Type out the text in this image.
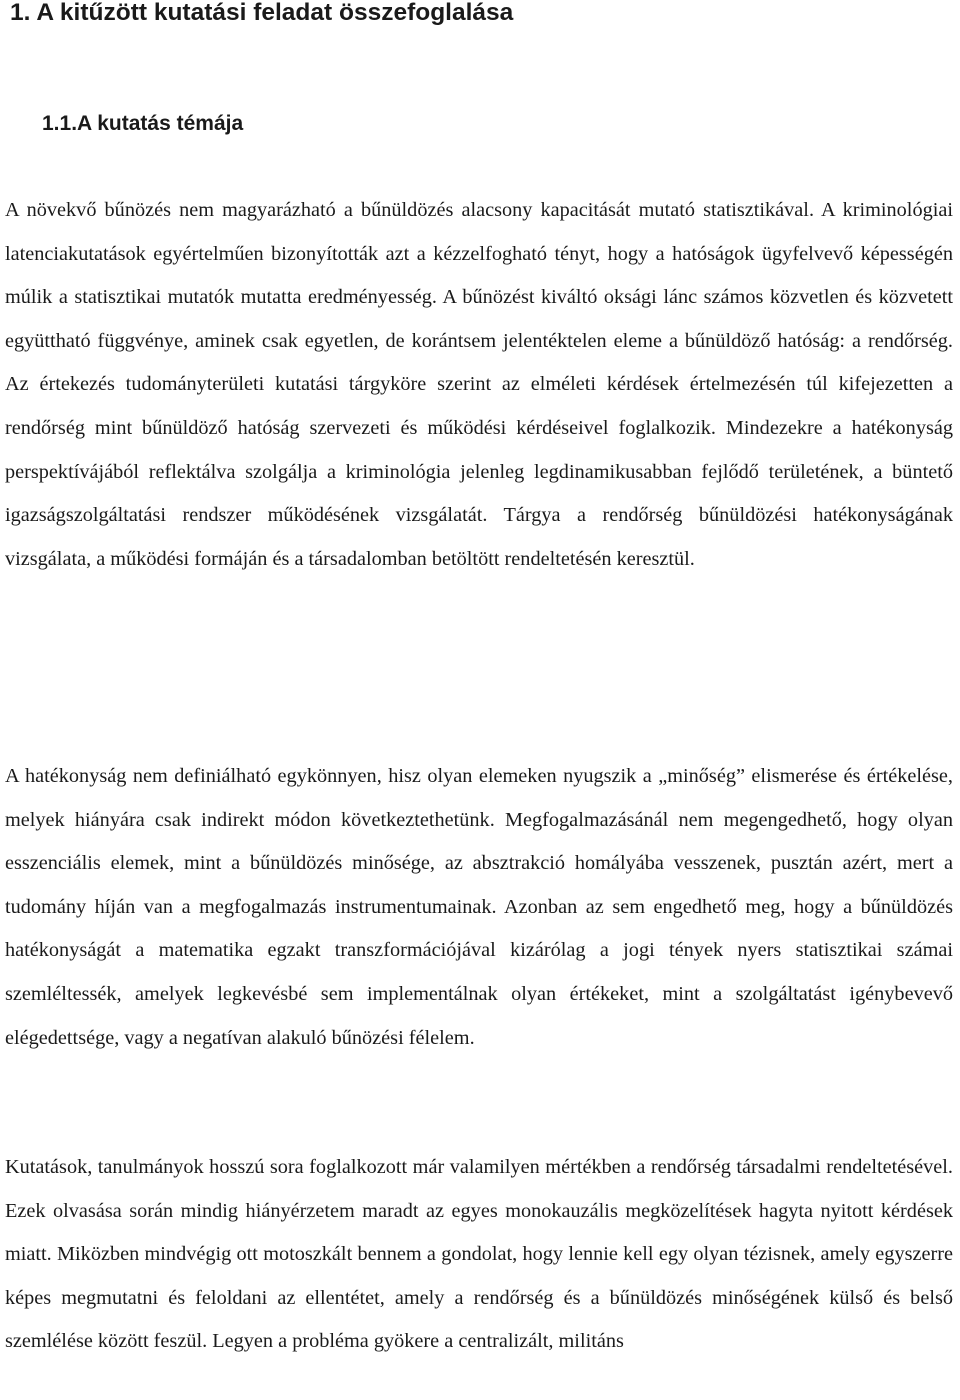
1. A kitűzött kutatási feladat összefoglalása
1.1.A kutatás témája

A növekvő bűnözés nem magyarázható a bűnüldözés alacsony kapacitását mutató statisztikával. A kriminológiai latenciakutatások egyértelműen bizonyították azt a kézzelfogható tényt, hogy a hatóságok ügyfelvevő képességén múlik a statisztikai mutatók mutatta eredményesség. A bűnözést kiváltó oksági lánc számos közvetlen és közvetett együttható függvénye, aminek csak egyetlen, de korántsem jelentéktelen eleme a bűnüldöző hatóság: a rendőrség. Az értekezés tudományterületi kutatási tárgyköre szerint az elméleti kérdések értelmezésén túl kifejezetten a rendőrség mint bűnüldöző hatóság szervezeti és működési kérdéseivel foglalkozik. Mindezekre a hatékonyság perspektívájából reflektálva szolgálja a kriminológia jelenleg legdinamikusabban fejlődő területének, a büntető igazságszolgáltatási rendszer működésének vizsgálatát. Tárgya a rendőrség bűnüldözési hatékonyságának vizsgálata, a működési formáján és a társadalomban betöltött rendeltetésén keresztül.

A hatékonyság nem definiálható egykönnyen, hisz olyan elemeken nyugszik a „minőség” elismerése és értékelése, melyek hiányára csak indirekt módon következtethetünk. Megfogalmazásánál nem megengedhető, hogy olyan esszenciális elemek, mint a bűnüldözés minősége, az absztrakció homályába vesszenek, pusztán azért, mert a tudomány híján van a megfogalmazás instrumentumainak. Azonban az sem engedhető meg, hogy a bűnüldözés hatékonyságát a matematika egzakt transzformációjával kizárólag a jogi tények nyers statisztikai számai szemléltessék, amelyek legkevésbé sem implementálnak olyan értékeket, mint a szolgáltatást igénybevevő elégedettsége, vagy a negatívan alakuló bűnözési félelem.

Kutatások, tanulmányok hosszú sora foglalkozott már valamilyen mértékben a rendőrség társadalmi rendeltetésével. Ezek olvasása során mindig hiányérzetem maradt az egyes monokauzális megközelítések hagyta nyitott kérdések miatt. Miközben mindvégig ott motoszkált bennem a gondolat, hogy lennie kell egy olyan tézisnek, amely egyszerre képes megmutatni és feloldani az ellentétet, amely a rendőrség és a bűnüldözés minőségének külső és belső szemlélése között feszül. Legyen a probléma gyökere a centralizált, militáns
